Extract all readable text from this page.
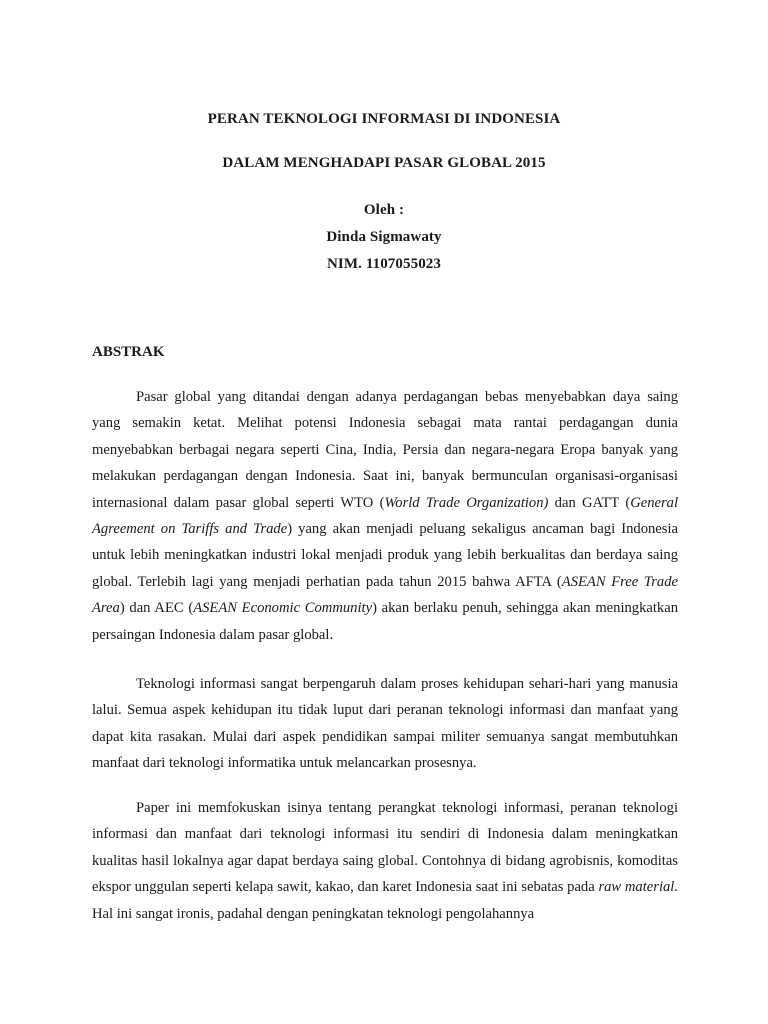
PERAN TEKNOLOGI INFORMASI DI INDONESIA
DALAM MENGHADAPI PASAR GLOBAL 2015
Oleh :
Dinda Sigmawaty
NIM. 1107055023
ABSTRAK
Pasar global yang ditandai dengan adanya perdagangan bebas menyebabkan daya saing yang semakin ketat. Melihat potensi Indonesia sebagai mata rantai perdagangan dunia menyebabkan berbagai negara seperti Cina, India, Persia dan negara-negara Eropa banyak yang melakukan perdagangan dengan Indonesia. Saat ini, banyak bermunculan organisasi-organisasi internasional dalam pasar global seperti WTO (World Trade Organization) dan GATT (General Agreement on Tariffs and Trade) yang akan menjadi peluang sekaligus ancaman bagi Indonesia untuk lebih meningkatkan industri lokal menjadi produk yang lebih berkualitas dan berdaya saing global. Terlebih lagi yang menjadi perhatian pada tahun 2015 bahwa AFTA (ASEAN Free Trade Area) dan AEC (ASEAN Economic Community) akan berlaku penuh, sehingga akan meningkatkan persaingan Indonesia dalam pasar global.
Teknologi informasi sangat berpengaruh dalam proses kehidupan sehari-hari yang manusia lalui. Semua aspek kehidupan itu tidak luput dari peranan teknologi informasi dan manfaat yang dapat kita rasakan. Mulai dari aspek pendidikan sampai militer semuanya sangat membutuhkan manfaat dari teknologi informatika untuk melancarkan prosesnya.
Paper ini memfokuskan isinya tentang perangkat teknologi informasi, peranan teknologi informasi dan manfaat dari teknologi informasi itu sendiri di Indonesia dalam meningkatkan kualitas hasil lokalnya agar dapat berdaya saing global. Contohnya di bidang agrobisnis, komoditas ekspor unggulan seperti kelapa sawit, kakao, dan karet Indonesia saat ini sebatas pada raw material. Hal ini sangat ironis, padahal dengan peningkatan teknologi pengolahannya
